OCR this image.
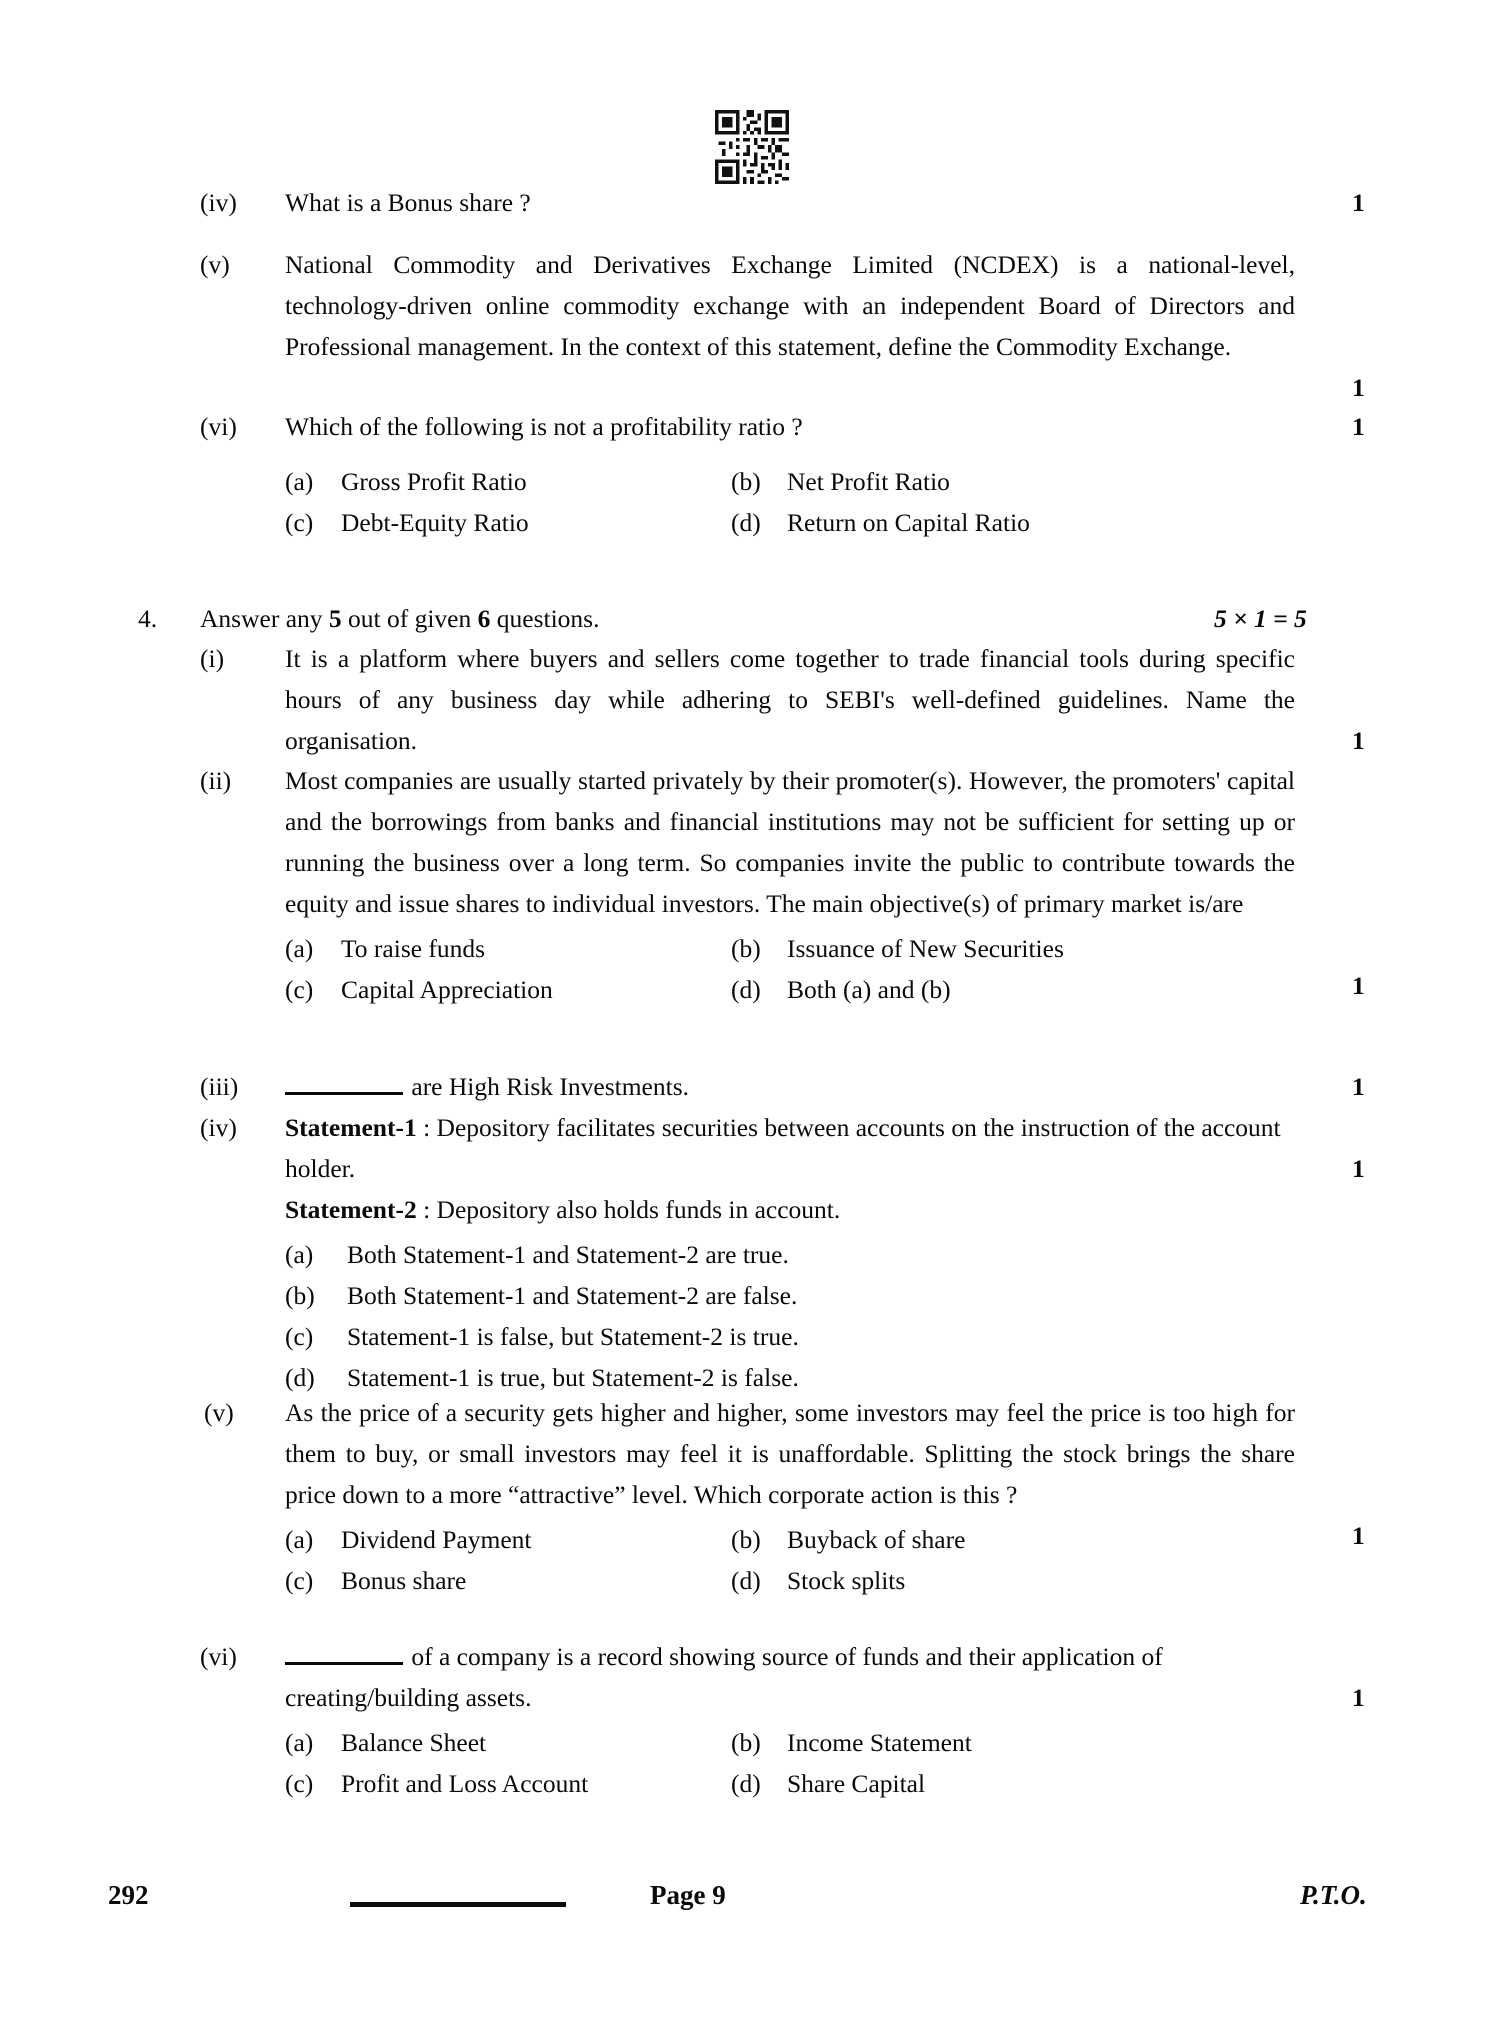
(iv)	What is a Bonus share ?	1
(v)	National Commodity and Derivatives Exchange Limited (NCDEX) is a national-level, technology-driven online commodity exchange with an independent Board of Directors and Professional management. In the context of this statement, define the Commodity Exchange.
1
(vi)	Which of the following is not a profitability ratio ?	1
(a)	Gross Profit Ratio	(b)	Net Profit Ratio
(c)	Debt-Equity Ratio	(d)	Return on Capital Ratio
4.	Answer any 5 out of given 6 questions.	5 × 1 = 5
(i)	It is a platform where buyers and sellers come together to trade financial tools during specific hours of any business day while adhering to SEBI's well-defined guidelines. Name the organisation.	1
(ii)	Most companies are usually started privately by their promoter(s). However, the promoters' capital and the borrowings from banks and financial institutions may not be sufficient for setting up or running the business over a long term. So companies invite the public to contribute towards the equity and issue shares to individual investors. The main objective(s) of primary market is/are
1
(a)	To raise funds	(b)	Issuance of New Securities
(c)	Capital Appreciation	(d)	Both (a) and (b)
(iii)	are High Risk Investments.	1
(iv)	Statement-1 : Depository facilitates securities between accounts on the instruction of the account holder.
Statement-2 : Depository also holds funds in account.
1
(a)	Both Statement-1 and Statement-2 are true.
(b)	Both Statement-1 and Statement-2 are false.
(c)	Statement-1 is false, but Statement-2 is true.
(d)	Statement-1 is true, but Statement-2 is false.
(v)	As the price of a security gets higher and higher, some investors may feel the price is too high for them to buy, or small investors may feel it is unaffordable. Splitting the stock brings the share price down to a more “attractive” level. Which corporate action is this ?
1
(a)	Dividend Payment	(b)	Buyback of share
(c)	Bonus share	(d)	Stock splits
(vi)	of a company is a record showing source of funds and their application of creating/building assets.	1
(a)	Balance Sheet	(b)	Income Statement
(c)	Profit and Loss Account	(d)	Share Capital
292	Page 9	P.T.O.
